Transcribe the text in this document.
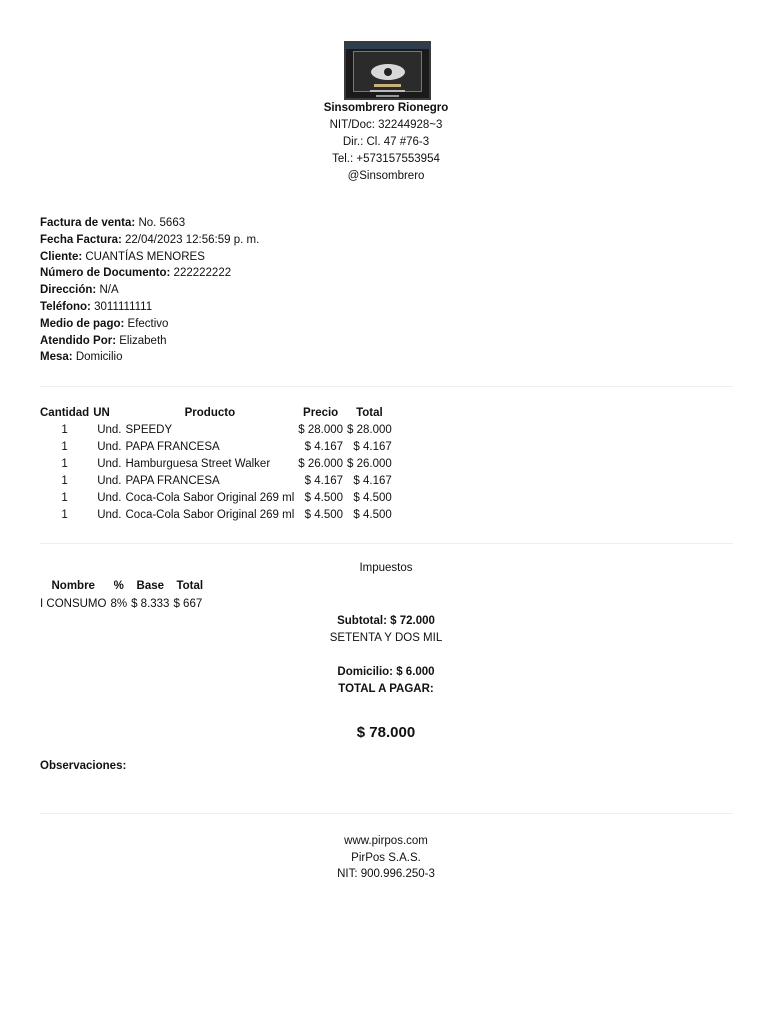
Sinsombrero Rionegro
NIT/Doc: 32244928~3
Dir.: Cl. 47 #76-3
Tel.: +573157553954
@Sinsombrero
Factura de venta: No. 5663
Fecha Factura: 22/04/2023 12:56:59 p. m.
Cliente: CUANTÍAS MENORES
Número de Documento: 222222222
Dirección: N/A
Teléfono: 3011111111
Medio de pago: Efectivo
Atendido Por: Elizabeth
Mesa: Domicilio
Cantidad	UN	Producto	Precio	Total
1	Und.	SPEEDY	$ 28.000	$ 28.000
1	Und.	PAPA FRANCESA	$ 4.167	$ 4.167
1	Und.	Hamburguesa Street Walker	$ 26.000	$ 26.000
1	Und.	PAPA FRANCESA	$ 4.167	$ 4.167
1	Und.	Coca-Cola Sabor Original 269 ml	$ 4.500	$ 4.500
1	Und.	Coca-Cola Sabor Original 269 ml	$ 4.500	$ 4.500
Impuestos
Nombre	%	Base	Total
I CONSUMO	8%	$ 8.333	$ 667
Subtotal: $ 72.000
SETENTA Y DOS MIL
Domicilio: $ 6.000
TOTAL A PAGAR:
$ 78.000
Observaciones:
www.pirpos.com
PirPos S.A.S.
NIT: 900.996.250-3
